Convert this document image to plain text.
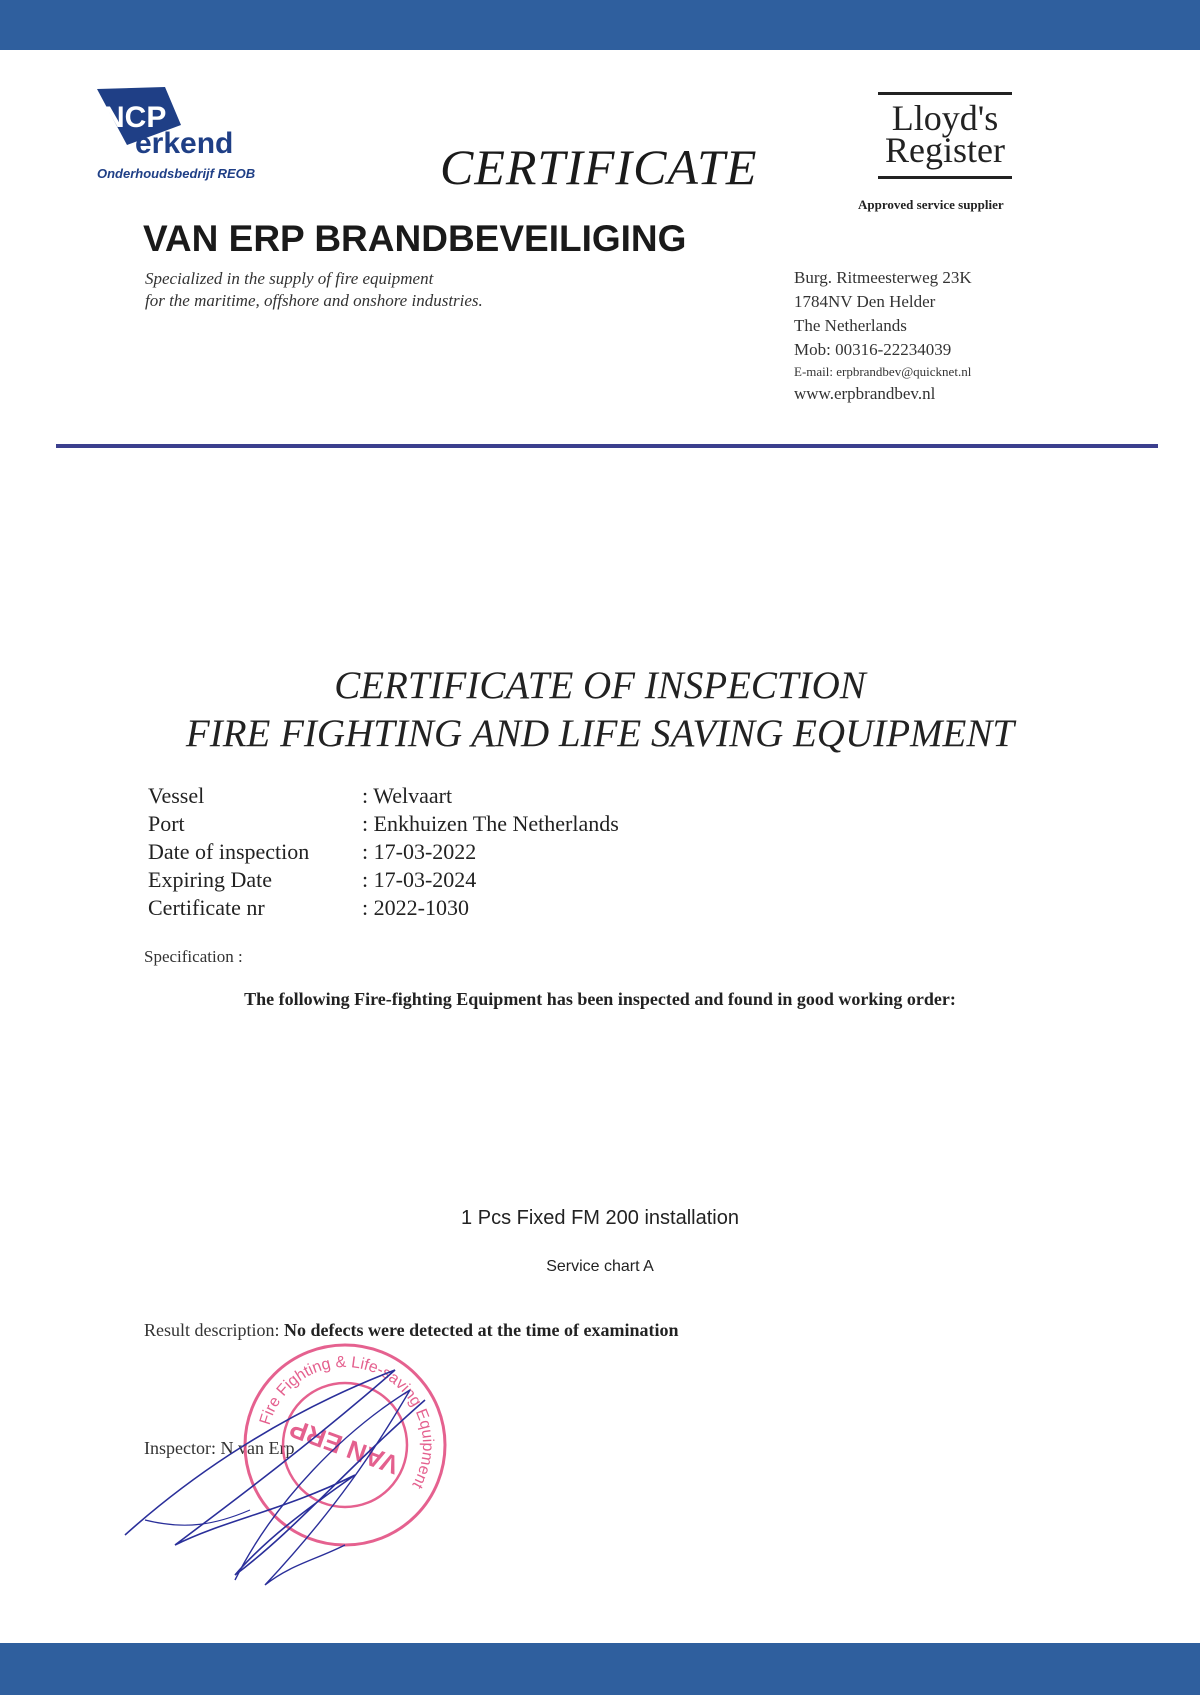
NCP
erkend
Onderhoudsbedrijf REOB	CERTIFICATE
VAN ERP BRANDBEVEILIGING
Specialized in the supply of fire equipment
for the maritime, offshore and onshore industries.
Lloyd's
Register
Approved service supplier
Burg. Ritmeesterweg 23K
1784NV Den Helder
The Netherlands
Mob: 00316-22234039
E-mail: erpbrandbev@quicknet.nl
www.erpbrandbev.nl
CERTIFICATE OF INSPECTION
FIRE FIGHTING AND LIFE SAVING EQUIPMENT
Vessel	: Welvaart
Port	: Enkhuizen The Netherlands
Date of inspection : 17-03-2022
Expiring Date	: 17-03-2024
Certificate nr	: 2022-1030
Specification :
The following Fire-fighting Equipment has been inspected and found in good working order:
1 Pcs Fixed FM 200 installation
Service chart A
Result description: No defects were detected at the time of examination
Inspector: N van Erp
Fire Fighting & Life-saving Equipment
VAN ERP
